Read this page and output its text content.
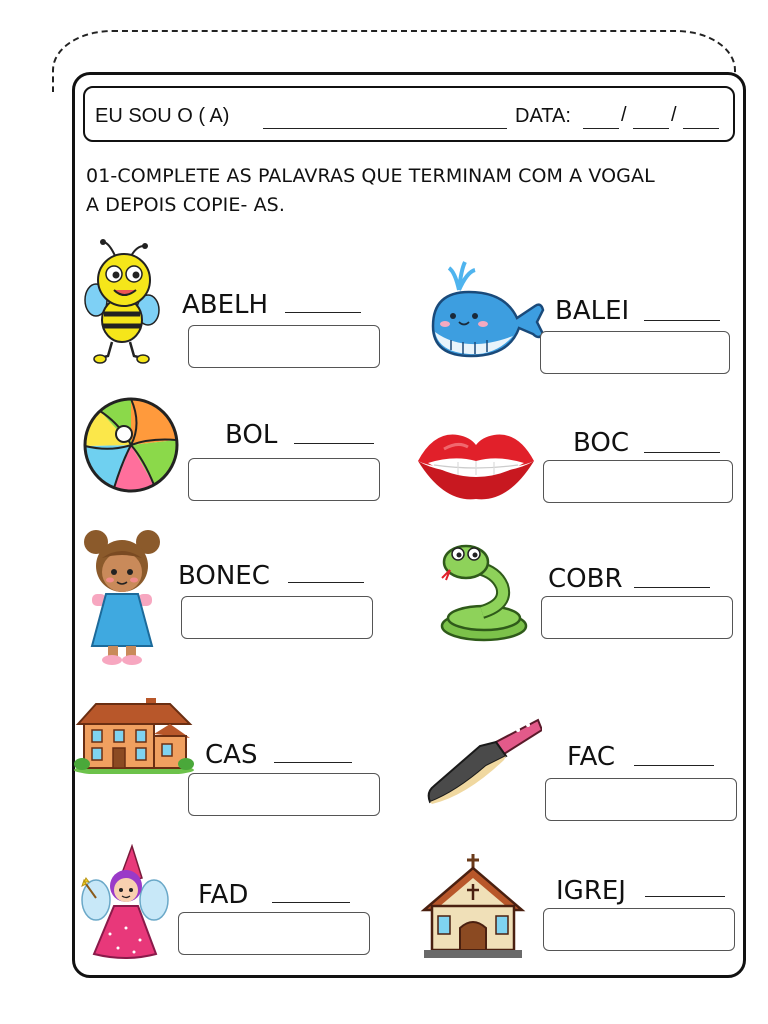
EU SOU O ( A)	DATA:	/ /
01-COMPLETE AS PALAVRAS QUE TERMINAM COM A VOGAL
A DEPOIS COPIE- AS.
ABELH	BALEI
BOL	BOC
BONEC	COBR
CAS	FAC
FAD	IGREJ
